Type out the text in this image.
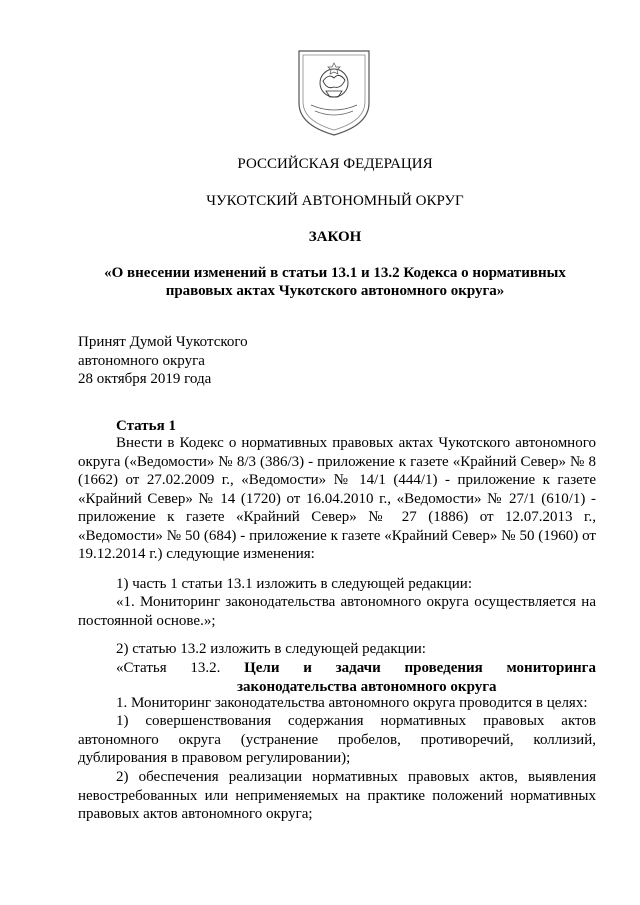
РОССИЙСКАЯ ФЕДЕРАЦИЯ
ЧУКОТСКИЙ АВТОНОМНЫЙ ОКРУГ
ЗАКОН
«О внесении изменений в статьи 13.1 и 13.2 Кодекса о нормативных
правовых актах Чукотского автономного округа»
Принят Думой Чукотского
автономного округа
28 октября 2019 года
Статья 1
Внести в Кодекс о нормативных правовых актах Чукотского автономного округа («Ведомости» № 8/3 (386/3) - приложение к газете «Крайний Север» № 8 (1662) от 27.02.2009 г., «Ведомости» № 14/1 (444/1) - приложение к газете «Крайний Север» № 14 (1720) от 16.04.2010 г., «Ведомости» № 27/1 (610/1) - приложение к газете «Крайний Север» № 27 (1886) от 12.07.2013 г., «Ведомости» № 50 (684) - приложение к газете «Крайний Север» № 50 (1960) от 19.12.2014 г.) следующие изменения:
1) часть 1 статьи 13.1 изложить в следующей редакции:
«1. Мониторинг законодательства автономного округа осуществляется на постоянной основе.»;
2) статью 13.2 изложить в следующей редакции:
«Статья 13.2. Цели и задачи проведения мониторинга
законодательства автономного округа
1. Мониторинг законодательства автономного округа проводится в целях:
1) совершенствования содержания нормативных правовых актов автономного округа (устранение пробелов, противоречий, коллизий, дублирования в правовом регулировании);
2) обеспечения реализации нормативных правовых актов, выявления невостребованных или неприменяемых на практике положений нормативных правовых актов автономного округа;
